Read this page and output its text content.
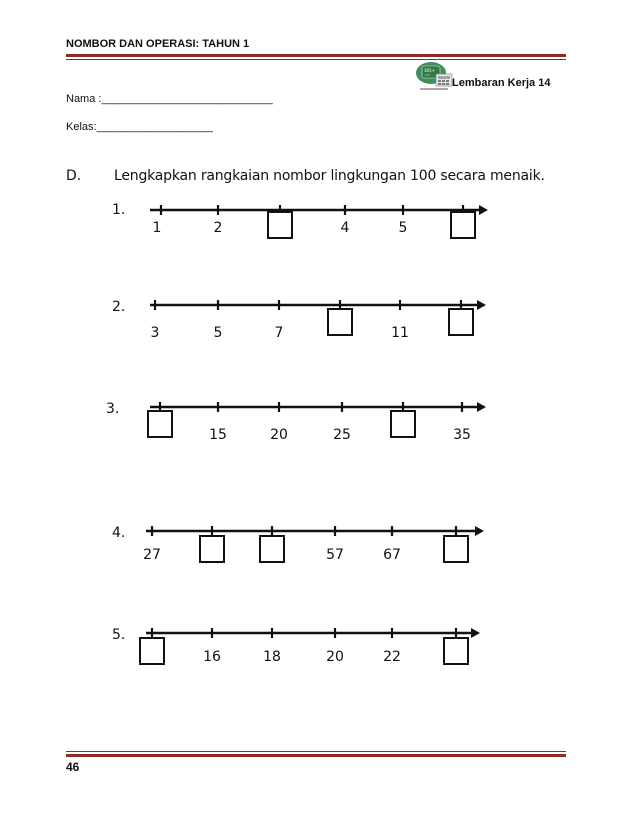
NOMBOR DAN OPERASI: TAHUN 1
305+
==
Lembaran Kerja 14
Nama :____________________________
Kelas:___________________
D. Lengkapkan rangkaian nombor lingkungan 100 secara menaik.
1.
1	2	4	5
2.
3	5	7	11
3.
15	20	25	35
4.
27	57	67
5.
16	18	20	22
46
